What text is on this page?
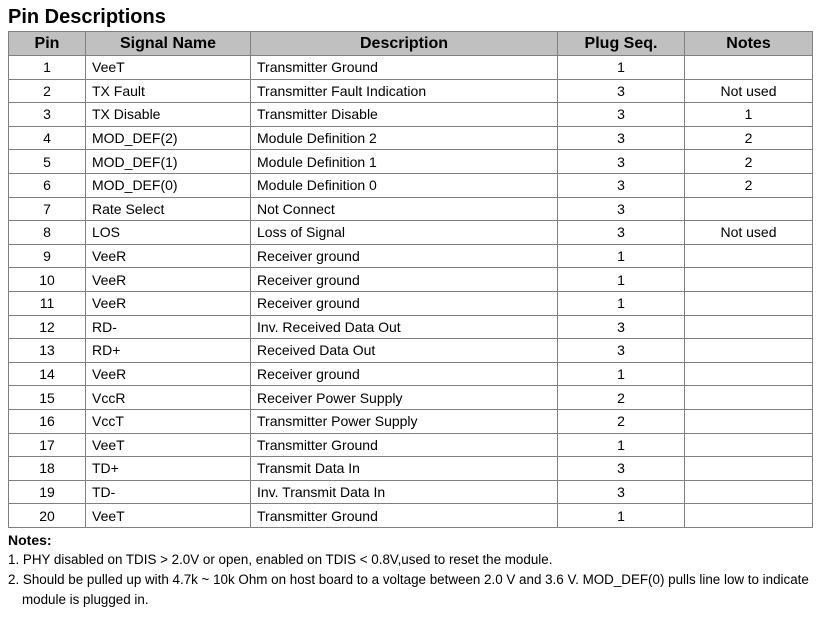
Pin Descriptions
Pin	Signal Name	Description	Plug Seq.	Notes
1	VeeT	Transmitter Ground	1	
2	TX Fault	Transmitter Fault Indication	3	Not used
3	TX Disable	Transmitter Disable	3	1
4	MOD_DEF(2)	Module Definition 2	3	2
5	MOD_DEF(1)	Module Definition 1	3	2
6	MOD_DEF(0)	Module Definition 0	3	2
7	Rate Select	Not Connect	3	
8	LOS	Loss of Signal	3	Not used
9	VeeR	Receiver ground	1	
10	VeeR	Receiver ground	1	
11	VeeR	Receiver ground	1	
12	RD-	Inv. Received Data Out	3	
13	RD+	Received Data Out	3	
14	VeeR	Receiver ground	1	
15	VccR	Receiver Power Supply	2	
16	VccT	Transmitter Power Supply	2	
17	VeeT	Transmitter Ground	1	
18	TD+	Transmit Data In	3	
19	TD-	Inv. Transmit Data In	3	
20	VeeT	Transmitter Ground	1	
Notes:
1. PHY disabled on TDIS > 2.0V or open, enabled on TDIS < 0.8V,used to reset the module.
2. Should be pulled up with 4.7k ~ 10k Ohm on host board to a voltage between 2.0 V and 3.6 V. MOD_DEF(0) pulls line low to indicate module is plugged in.
